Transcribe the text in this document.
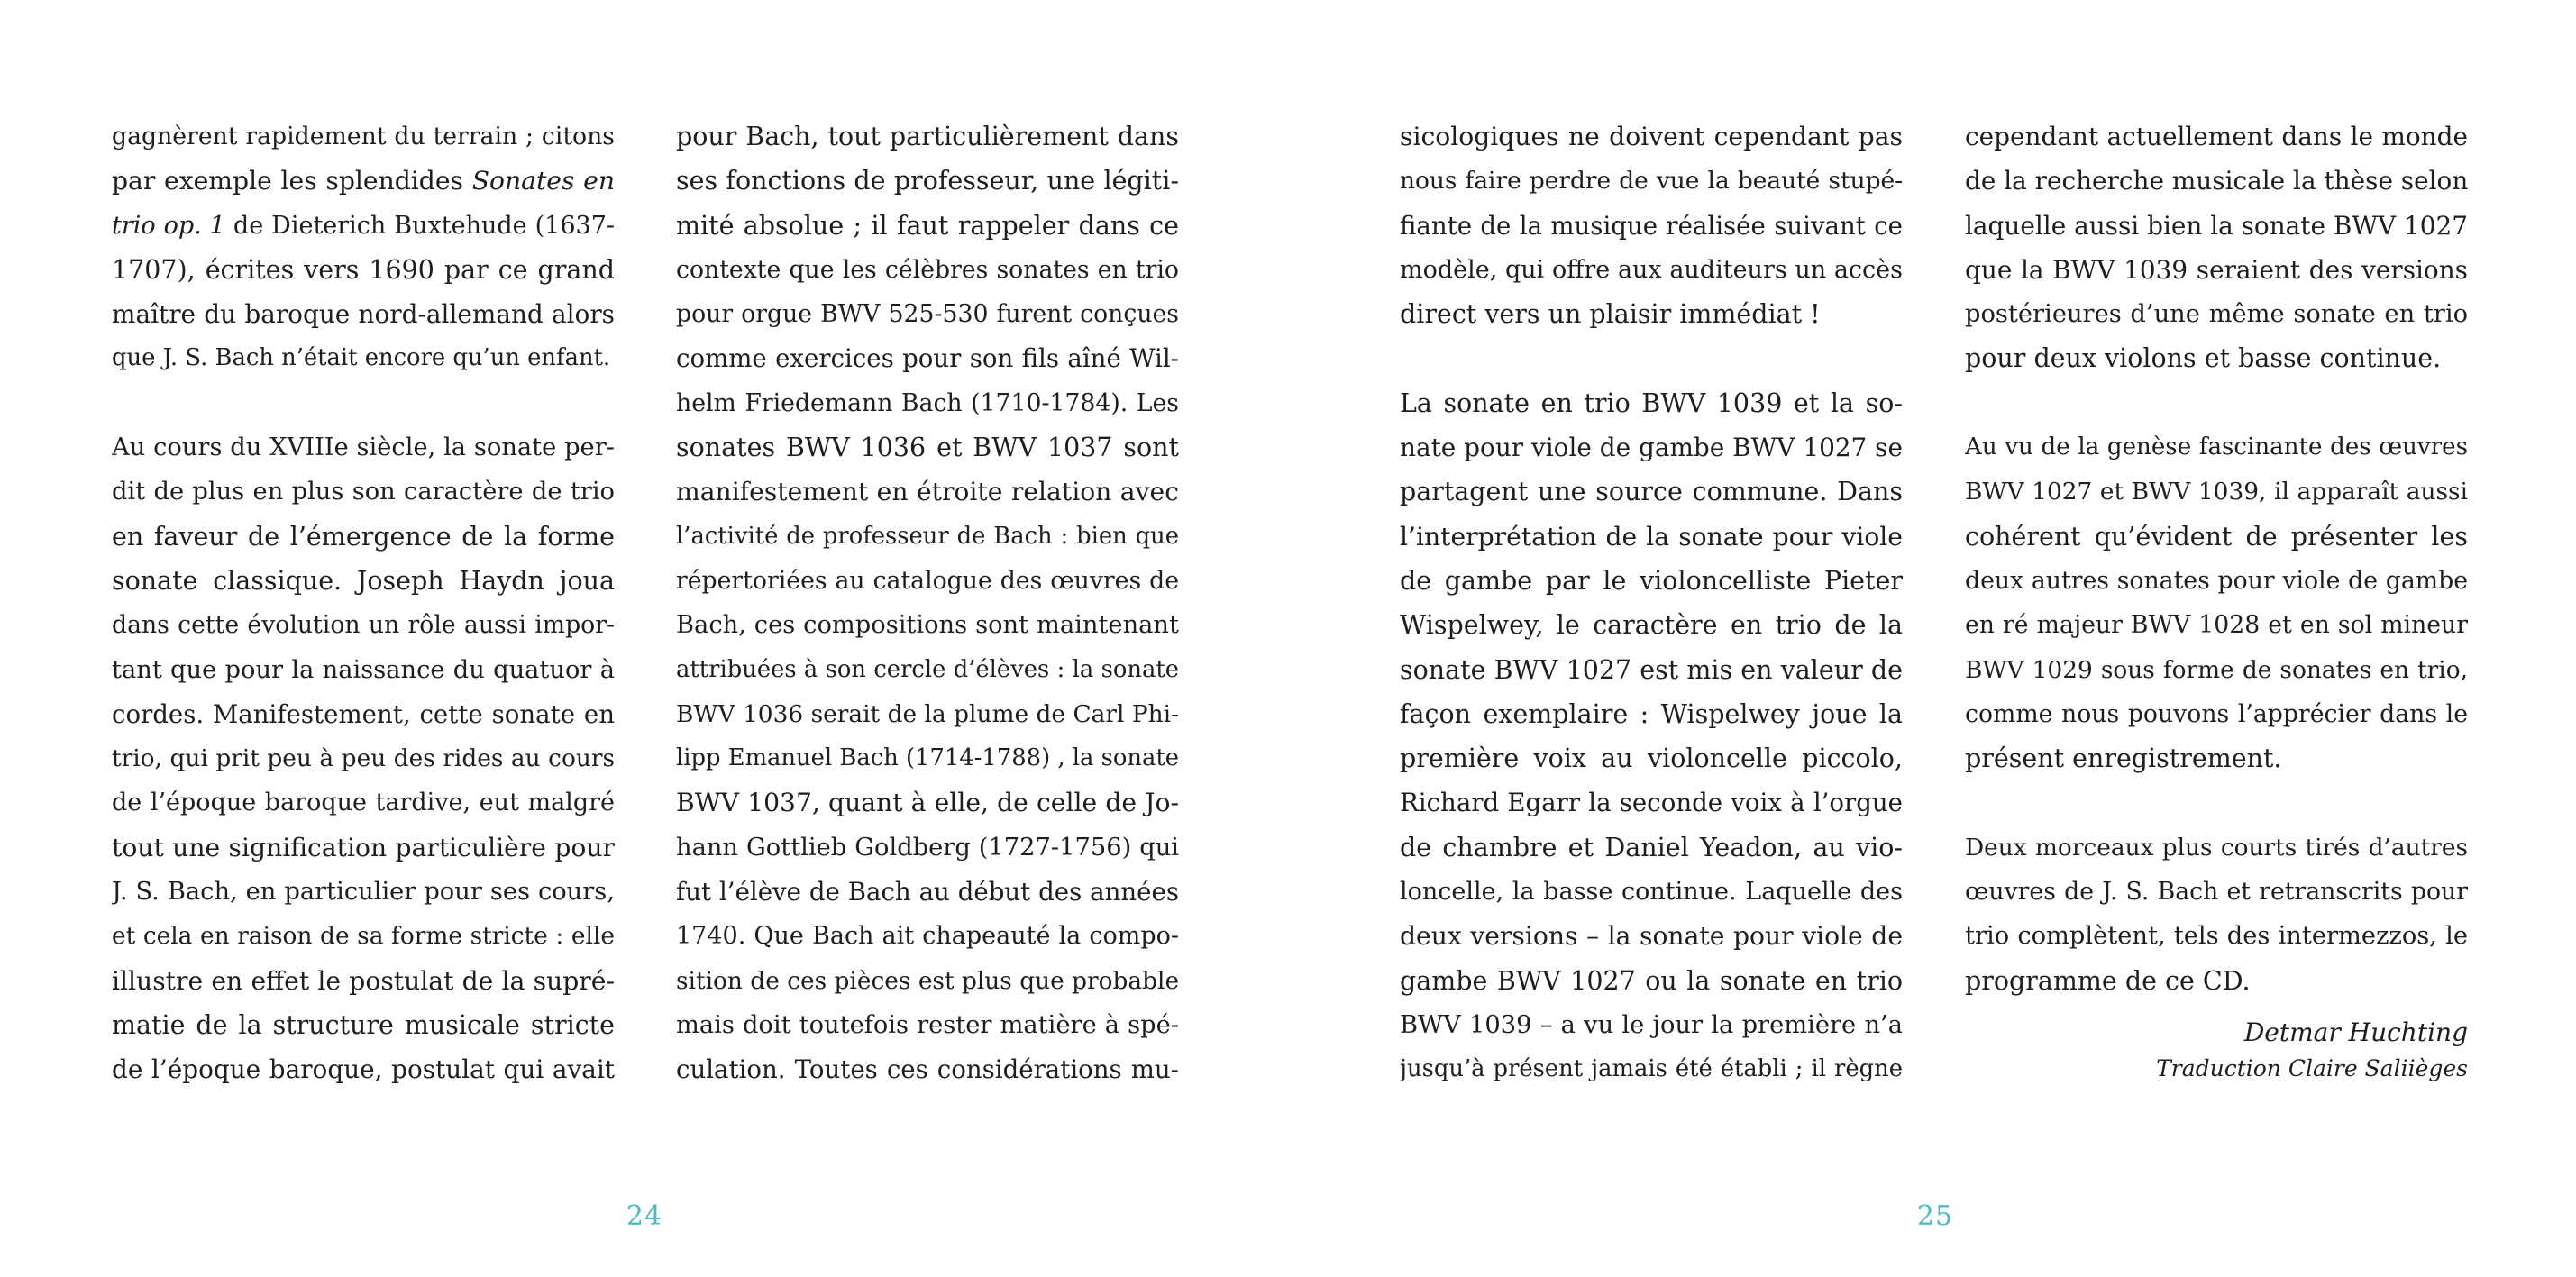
gagnèrent rapidement du terrain ; citons
par exemple les splendides Sonates en
trio op. 1 de Dieterich Buxtehude (1637-
1707), écrites vers 1690 par ce grand
maître du baroque nord-allemand alors
que J. S. Bach n’était encore qu’un enfant.
Au cours du XVIIIe siècle, la sonate per-
dit de plus en plus son caractère de trio
en faveur de l’émergence de la forme
sonate classique. Joseph Haydn joua
dans cette évolution un rôle aussi impor-
tant que pour la naissance du quatuor à
cordes. Manifestement, cette sonate en
trio, qui prit peu à peu des rides au cours
de l’époque baroque tardive, eut malgré
tout une signification particulière pour
J. S. Bach, en particulier pour ses cours,
et cela en raison de sa forme stricte : elle
illustre en effet le postulat de la supré-
matie de la structure musicale stricte
de l’époque baroque, postulat qui avait
pour Bach, tout particulièrement dans
ses fonctions de professeur, une légiti-
mité absolue ; il faut rappeler dans ce
contexte que les célèbres sonates en trio
pour orgue BWV 525-530 furent conçues
comme exercices pour son fils aîné Wil-
helm Friedemann Bach (1710-1784). Les
sonates BWV 1036 et BWV 1037 sont
manifestement en étroite relation avec
l’activité de professeur de Bach : bien que
répertoriées au catalogue des œuvres de
Bach, ces compositions sont maintenant
attribuées à son cercle d’élèves : la sonate
BWV 1036 serait de la plume de Carl Phi-
lipp Emanuel Bach (1714-1788) , la sonate
BWV 1037, quant à elle, de celle de Jo-
hann Gottlieb Goldberg (1727-1756) qui
fut l’élève de Bach au début des années
1740. Que Bach ait chapeauté la compo-
sition de ces pièces est plus que probable
mais doit toutefois rester matière à spé-
culation. Toutes ces considérations mu-
24
sicologiques ne doivent cependant pas
nous faire perdre de vue la beauté stupé-
fiante de la musique réalisée suivant ce
modèle, qui offre aux auditeurs un accès
direct vers un plaisir immédiat !
La sonate en trio BWV 1039 et la so-
nate pour viole de gambe BWV 1027 se
partagent une source commune. Dans
l’interprétation de la sonate pour viole
de gambe par le violoncelliste Pieter
Wispelwey, le caractère en trio de la
sonate BWV 1027 est mis en valeur de
façon exemplaire : Wispelwey joue la
première voix au violoncelle piccolo,
Richard Egarr la seconde voix à l’orgue
de chambre et Daniel Yeadon, au vio-
loncelle, la basse continue. Laquelle des
deux versions – la sonate pour viole de
gambe BWV 1027 ou la sonate en trio
BWV 1039 – a vu le jour la première n’a
jusqu’à présent jamais été établi ; il règne
cependant actuellement dans le monde
de la recherche musicale la thèse selon
laquelle aussi bien la sonate BWV 1027
que la BWV 1039 seraient des versions
postérieures d’une même sonate en trio
pour deux violons et basse continue.
Au vu de la genèse fascinante des œuvres
BWV 1027 et BWV 1039, il apparaît aussi
cohérent qu’évident de présenter les
deux autres sonates pour viole de gambe
en ré majeur BWV 1028 et en sol mineur
BWV 1029 sous forme de sonates en trio,
comme nous pouvons l’apprécier dans le
présent enregistrement.
Deux morceaux plus courts tirés d’autres
œuvres de J. S. Bach et retranscrits pour
trio complètent, tels des intermezzos, le
programme de ce CD.
Detmar Huchting
Traduction Claire Saliièges
25
